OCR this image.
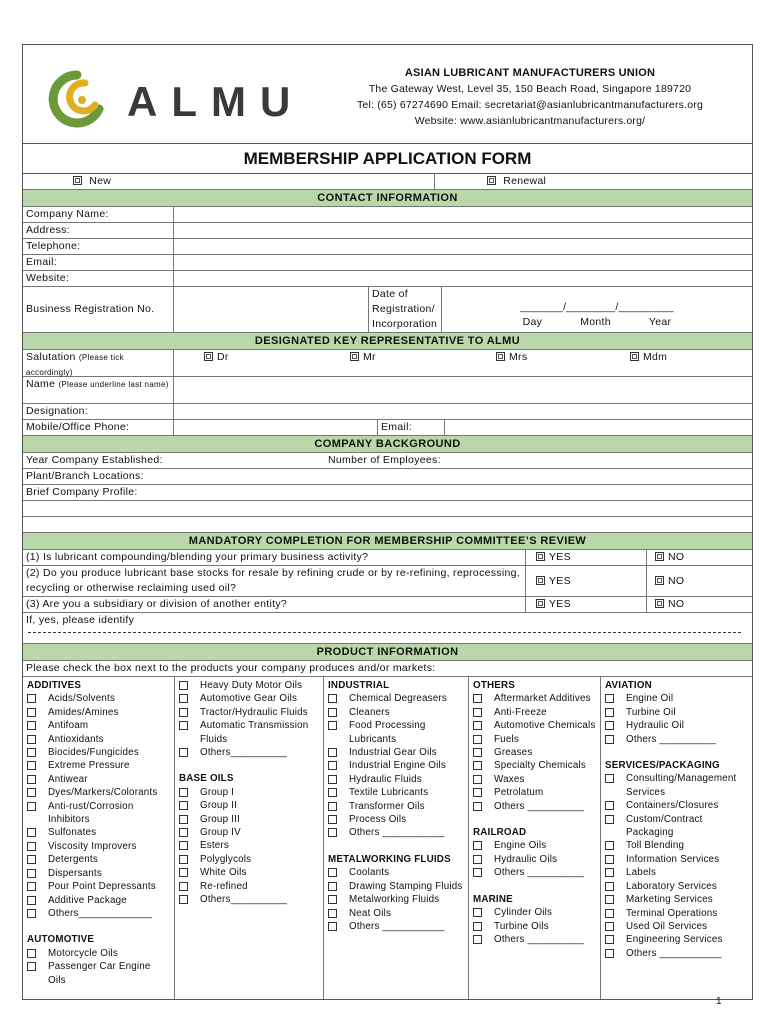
ALMU
ASIAN LUBRICANT MANUFACTURERS UNION
The Gateway West, Level 35, 150 Beach Road, Singapore 189720
Tel: (65) 67274690 Email: secretariat@asianlubricantmanufacturers.org
Website: www.asianlubricantmanufacturers.org/
MEMBERSHIP APPLICATION FORM
New	Renewal
CONTACT INFORMATION
Company Name:
Address:
Telephone:
Email:
Website:
Business Registration No.
Date of Registration/ Incorporation
_______/________/_________
Day	Month	Year
DESIGNATED KEY REPRESENTATIVE TO ALMU
Salutation (Please tick accordingly)
Dr	Mr	Mrs	Mdm
Name (Please underline last name)
Designation:
Mobile/Office Phone:	Email:
COMPANY BACKGROUND
Year Company Established:	Number of Employees:
Plant/Branch Locations:
Brief Company Profile:
MANDATORY COMPLETION FOR MEMBERSHIP COMMITTEE’S REVIEW
(1) Is lubricant compounding/blending your primary business activity?	YES	NO
(2) Do you produce lubricant base stocks for resale by refining crude or by re-refining, reprocessing, recycling or otherwise reclaiming used oil?
YES	NO
(3) Are you a subsidiary or division of another entity?	YES	NO
If, yes, please identify
PRODUCT INFORMATION
Please check the box next to the products your company produces and/or markets:
ADDITIVES
Acids/Solvents
Amides/Amines
Antifoam
Antioxidants
Biocides/Fungicides
Extreme Pressure
Antiwear
Dyes/Markers/Colorants
Anti-rust/Corrosion Inhibitors
Sulfonates
Viscosity Improvers
Detergents
Dispersants
Pour Point Depressants
Additive Package
Others_____________
AUTOMOTIVE
Motorcycle Oils
Passenger Car Engine Oils
Heavy Duty Motor Oils
Automotive Gear Oils
Tractor/Hydraulic Fluids
Automatic Transmission Fluids
Others__________
BASE OILS
Group I
Group II
Group III
Group IV
Esters
Polyglycols
White Oils
Re-refined
Others__________
INDUSTRIAL
Chemical Degreasers
Cleaners
Food Processing Lubricants
Industrial Gear Oils
Industrial Engine Oils
Hydraulic Fluids
Textile Lubricants
Transformer Oils
Process Oils
Others ___________
METALWORKING FLUIDS
Coolants
Drawing Stamping Fluids
Metalworking Fluids
Neat Oils
Others ___________
OTHERS
Aftermarket Additives
Anti-Freeze
Automotive Chemicals
Fuels
Greases
Specialty Chemicals
Waxes
Petrolatum
Others __________
RAILROAD
Engine Oils
Hydraulic Oils
Others __________
MARINE
Cylinder Oils
Turbine Oils
Others __________
AVIATION
Engine Oil
Turbine Oil
Hydraulic Oil
Others __________
SERVICES/PACKAGING
Consulting/Management Services
Containers/Closures
Custom/Contract Packaging
Toll Blending
Information Services
Labels
Laboratory Services
Marketing Services
Terminal Operations
Used Oil Services
Engineering Services
Others ___________
1
